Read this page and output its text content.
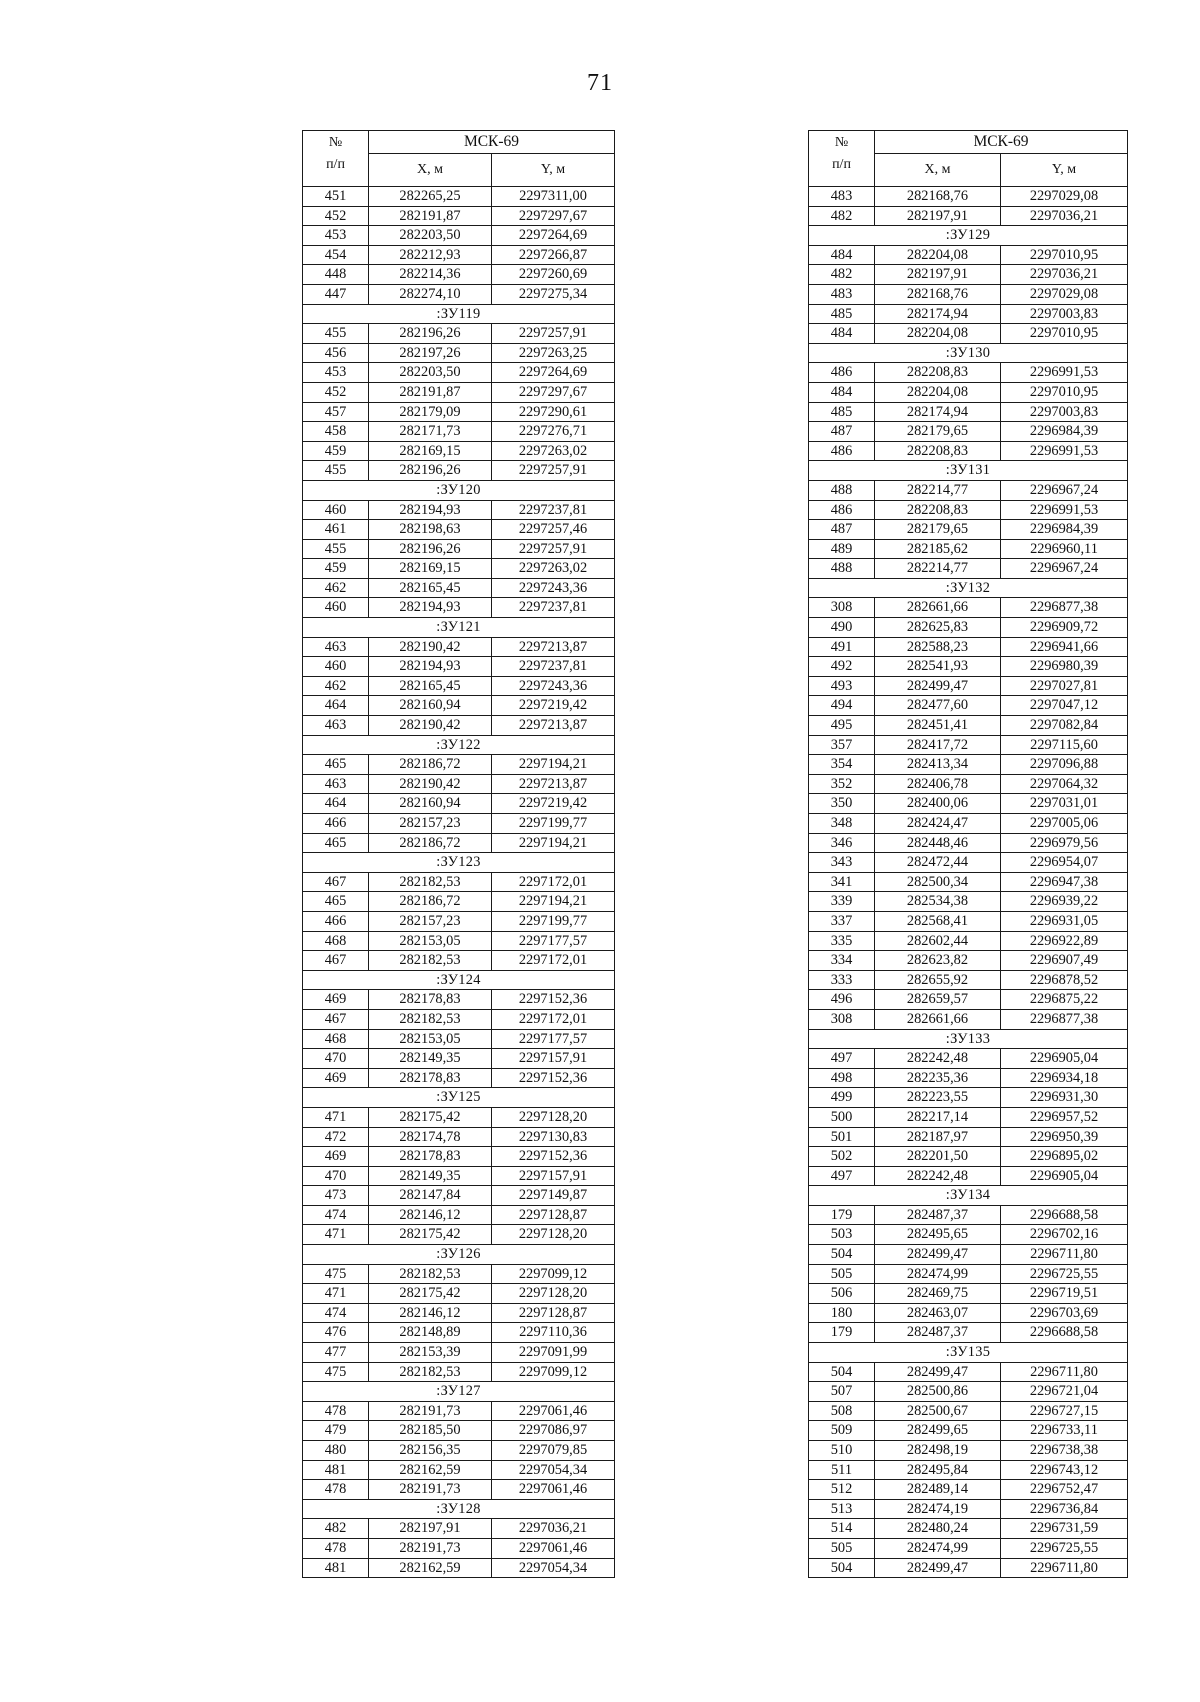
71
№
п/п	МСК-69	
	X, м	Y, м
451	282265,25	2297311,00
452	282191,87	2297297,67
453	282203,50	2297264,69
454	282212,93	2297266,87
448	282214,36	2297260,69
447	282274,10	2297275,34
:ЗУ119		
455	282196,26	2297257,91
456	282197,26	2297263,25
453	282203,50	2297264,69
452	282191,87	2297297,67
457	282179,09	2297290,61
458	282171,73	2297276,71
459	282169,15	2297263,02
455	282196,26	2297257,91
:ЗУ120		
460	282194,93	2297237,81
461	282198,63	2297257,46
455	282196,26	2297257,91
459	282169,15	2297263,02
462	282165,45	2297243,36
460	282194,93	2297237,81
:ЗУ121		
463	282190,42	2297213,87
460	282194,93	2297237,81
462	282165,45	2297243,36
464	282160,94	2297219,42
463	282190,42	2297213,87
:ЗУ122		
465	282186,72	2297194,21
463	282190,42	2297213,87
464	282160,94	2297219,42
466	282157,23	2297199,77
465	282186,72	2297194,21
:ЗУ123		
467	282182,53	2297172,01
465	282186,72	2297194,21
466	282157,23	2297199,77
468	282153,05	2297177,57
467	282182,53	2297172,01
:ЗУ124		
469	282178,83	2297152,36
467	282182,53	2297172,01
468	282153,05	2297177,57
470	282149,35	2297157,91
469	282178,83	2297152,36
:ЗУ125		
471	282175,42	2297128,20
472	282174,78	2297130,83
469	282178,83	2297152,36
470	282149,35	2297157,91
473	282147,84	2297149,87
474	282146,12	2297128,87
471	282175,42	2297128,20
:ЗУ126		
475	282182,53	2297099,12
471	282175,42	2297128,20
474	282146,12	2297128,87
476	282148,89	2297110,36
477	282153,39	2297091,99
475	282182,53	2297099,12
:ЗУ127		
478	282191,73	2297061,46
479	282185,50	2297086,97
480	282156,35	2297079,85
481	282162,59	2297054,34
478	282191,73	2297061,46
:ЗУ128		
482	282197,91	2297036,21
478	282191,73	2297061,46
481	282162,59	2297054,34
№
п/п	МСК-69	
	X, м	Y, м
483	282168,76	2297029,08
482	282197,91	2297036,21
:ЗУ129		
484	282204,08	2297010,95
482	282197,91	2297036,21
483	282168,76	2297029,08
485	282174,94	2297003,83
484	282204,08	2297010,95
:ЗУ130		
486	282208,83	2296991,53
484	282204,08	2297010,95
485	282174,94	2297003,83
487	282179,65	2296984,39
486	282208,83	2296991,53
:ЗУ131		
488	282214,77	2296967,24
486	282208,83	2296991,53
487	282179,65	2296984,39
489	282185,62	2296960,11
488	282214,77	2296967,24
:ЗУ132		
308	282661,66	2296877,38
490	282625,83	2296909,72
491	282588,23	2296941,66
492	282541,93	2296980,39
493	282499,47	2297027,81
494	282477,60	2297047,12
495	282451,41	2297082,84
357	282417,72	2297115,60
354	282413,34	2297096,88
352	282406,78	2297064,32
350	282400,06	2297031,01
348	282424,47	2297005,06
346	282448,46	2296979,56
343	282472,44	2296954,07
341	282500,34	2296947,38
339	282534,38	2296939,22
337	282568,41	2296931,05
335	282602,44	2296922,89
334	282623,82	2296907,49
333	282655,92	2296878,52
496	282659,57	2296875,22
308	282661,66	2296877,38
:ЗУ133		
497	282242,48	2296905,04
498	282235,36	2296934,18
499	282223,55	2296931,30
500	282217,14	2296957,52
501	282187,97	2296950,39
502	282201,50	2296895,02
497	282242,48	2296905,04
:ЗУ134		
179	282487,37	2296688,58
503	282495,65	2296702,16
504	282499,47	2296711,80
505	282474,99	2296725,55
506	282469,75	2296719,51
180	282463,07	2296703,69
179	282487,37	2296688,58
:ЗУ135		
504	282499,47	2296711,80
507	282500,86	2296721,04
508	282500,67	2296727,15
509	282499,65	2296733,11
510	282498,19	2296738,38
511	282495,84	2296743,12
512	282489,14	2296752,47
513	282474,19	2296736,84
514	282480,24	2296731,59
505	282474,99	2296725,55
504	282499,47	2296711,80
